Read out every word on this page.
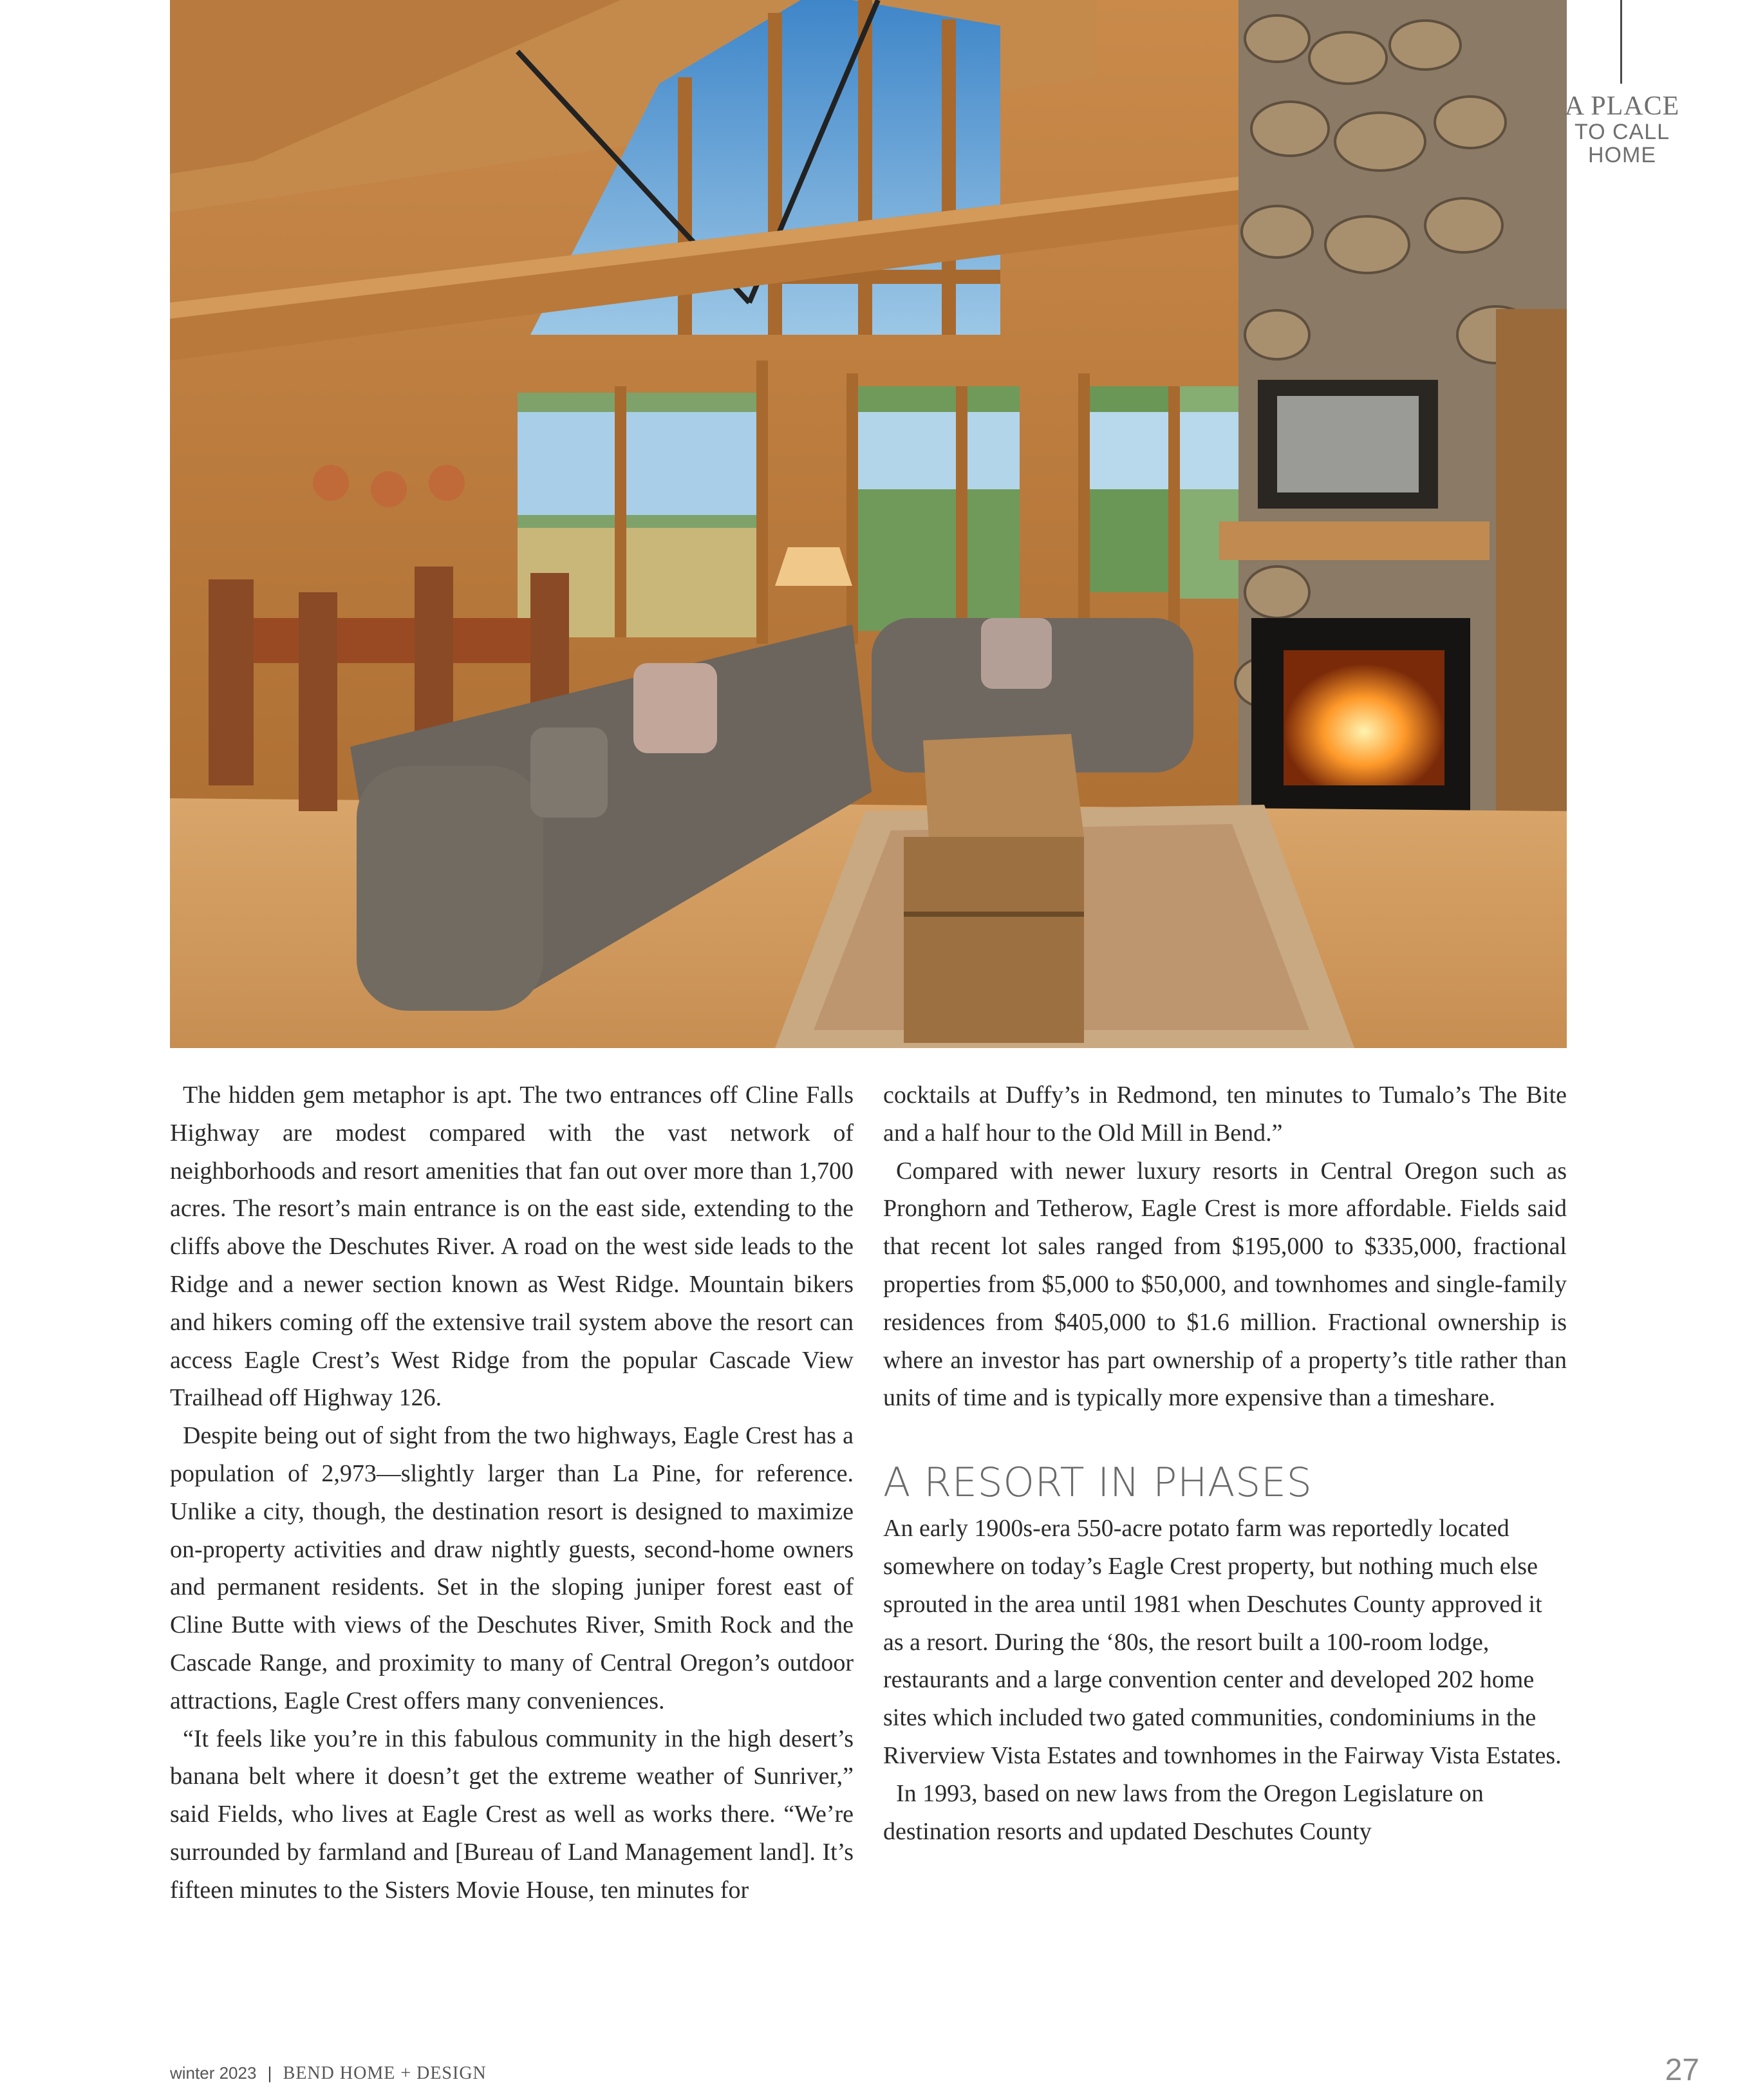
A PLACE
TO CALL
HOME

The hidden gem metaphor is apt. The two entrances off Cline Falls Highway are modest compared with the vast network of neighborhoods and resort amenities that fan out over more than 1,700 acres. The resort’s main entrance is on the east side, extending to the cliffs above the Deschutes River. A road on the west side leads to the Ridge and a newer section known as West Ridge. Mountain bikers and hikers coming off the extensive trail system above the resort can access Eagle Crest’s West Ridge from the popular Cascade View Trailhead off Highway 126.

Despite being out of sight from the two highways, Eagle Crest has a population of 2,973—slightly larger than La Pine, for reference. Unlike a city, though, the destination resort is designed to maximize on-property activities and draw nightly guests, second-home owners and permanent residents. Set in the sloping juniper forest east of Cline Butte with views of the Deschutes River, Smith Rock and the Cascade Range, and proximity to many of Central Oregon’s outdoor attractions, Eagle Crest offers many conveniences.

“It feels like you’re in this fabulous community in the high desert’s banana belt where it doesn’t get the extreme weather of Sunriver,” said Fields, who lives at Eagle Crest as well as works there. “We’re surrounded by farmland and [Bureau of Land Management land]. It’s fifteen minutes to the Sisters Movie House, ten minutes for

cocktails at Duffy’s in Redmond, ten minutes to Tumalo’s The Bite and a half hour to the Old Mill in Bend.”

Compared with newer luxury resorts in Central Oregon such as Pronghorn and Tetherow, Eagle Crest is more affordable. Fields said that recent lot sales ranged from $195,000 to $335,000, fractional properties from $5,000 to $50,000, and townhomes and single-family residences from $405,000 to $1.6 million. Fractional ownership is where an investor has part ownership of a property’s title rather than units of time and is typically more expensive than a timeshare.

A RESORT IN PHASES

An early 1900s-era 550-acre potato farm was reportedly located somewhere on today’s Eagle Crest property, but nothing much else sprouted in the area until 1981 when Deschutes County approved it as a resort. During the ‘80s, the resort built a 100-room lodge, restaurants and a large convention center and developed 202 home sites which included two gated communities, condominiums in the Riverview Vista Estates and townhomes in the Fairway Vista Estates.

In 1993, based on new laws from the Oregon Legislature on destination resorts and updated Deschutes County

winter 2023 | BEND HOME + DESIGN	27
